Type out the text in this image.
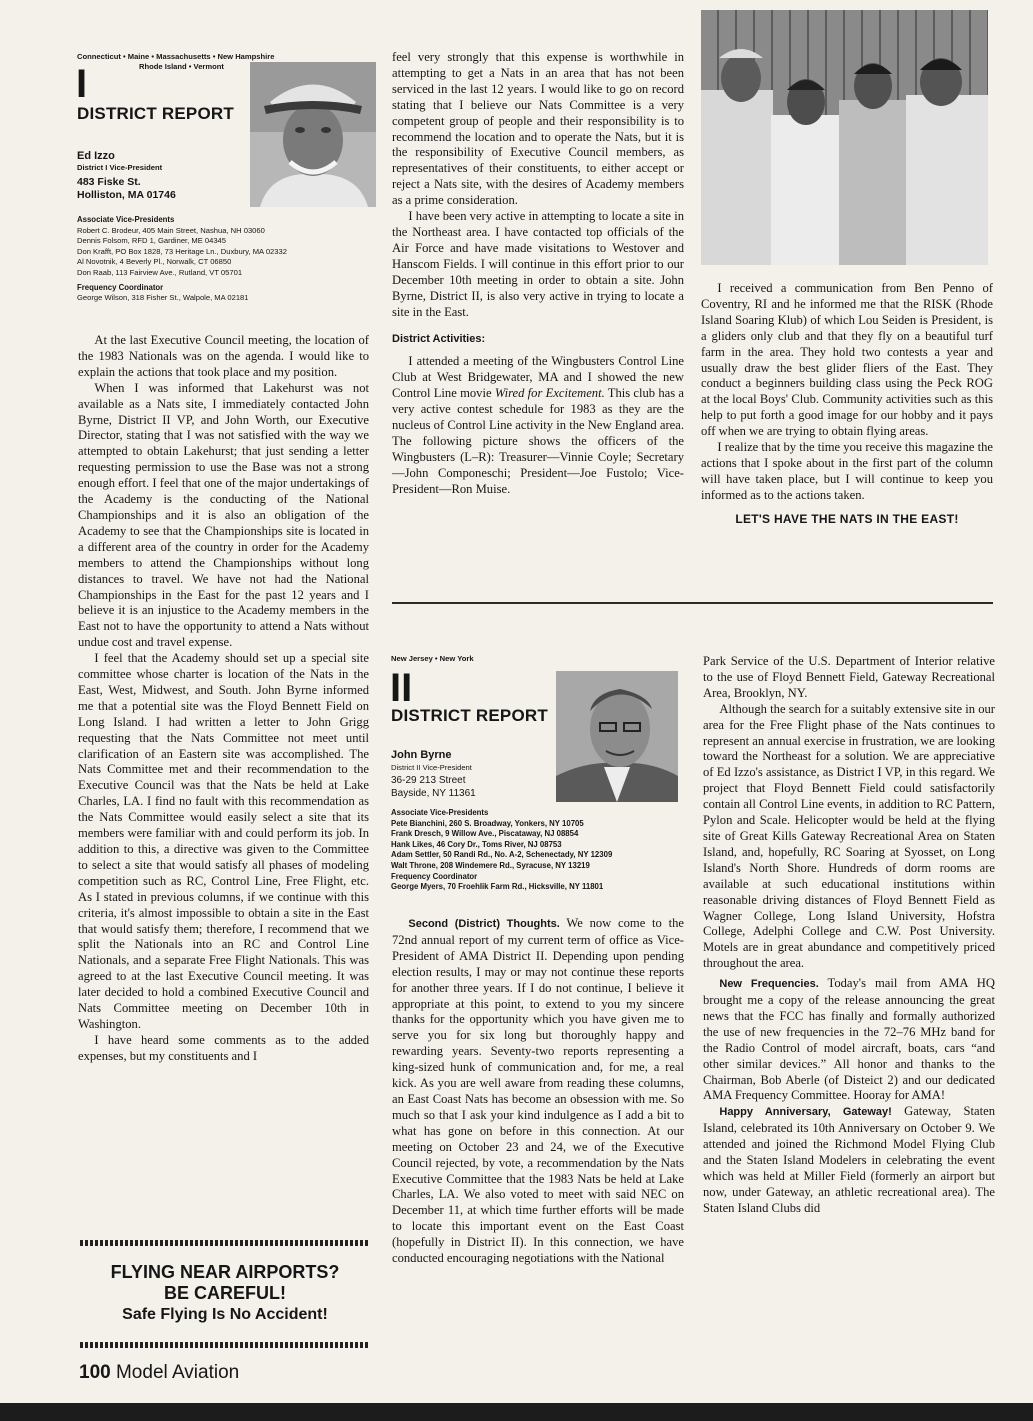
Connecticut • Maine • Massachusetts • New Hampshire
Rhode Island • Vermont
I
DISTRICT REPORT
Ed Izzo
District I Vice-President
483 Fiske St.
Holliston, MA 01746
Associate Vice-Presidents
Robert C. Brodeur, 405 Main Street, Nashua, NH 03060
Dennis Folsom, RFD 1, Gardiner, ME 04345
Don Krafft, PO Box 1828, 73 Heritage Ln., Duxbury, MA 02332
Al Novotnik, 4 Beverly Pl., Norwalk, CT 06850
Don Raab, 113 Fairview Ave., Rutland, VT 05701
Frequency Coordinator
George Wilson, 318 Fisher St., Walpole, MA 02181

At the last Executive Council meeting, the location of the 1983 Nationals was on the agenda. I would like to explain the actions that took place and my position.

When I was informed that Lakehurst was not available as a Nats site, I immediately contacted John Byrne, District II VP, and John Worth, our Executive Director, stating that I was not satisfied with the way we attempted to obtain Lakehurst; that just sending a letter requesting permission to use the Base was not a strong enough effort. I feel that one of the major undertakings of the Academy is the conducting of the National Championships and it is also an obligation of the Academy to see that the Championships site is located in a different area of the country in order for the Academy members to attend the Championships without long distances to travel. We have not had the National Championships in the East for the past 12 years and I believe it is an injustice to the Academy members in the East not to have the opportunity to attend a Nats without undue cost and travel expense.

I feel that the Academy should set up a special site committee whose charter is location of the Nats in the East, West, Midwest, and South. John Byrne informed me that a potential site was the Floyd Bennett Field on Long Island. I had written a letter to John Grigg requesting that the Nats Committee not meet until clarification of an Eastern site was accomplished. The Nats Committee met and their recommendation to the Executive Council was that the Nats be held at Lake Charles, LA. I find no fault with this recommendation as the Nats Committee would easily select a site that its members were familiar with and could perform its job. In addition to this, a directive was given to the Committee to select a site that would satisfy all phases of modeling competition such as RC, Control Line, Free Flight, etc. As I stated in previous columns, if we continue with this criteria, it's almost impossible to obtain a site in the East that would satisfy them; therefore, I recommend that we split the Nationals into an RC and Control Line Nationals, and a separate Free Flight Nationals. This was agreed to at the last Executive Council meeting. It was later decided to hold a combined Executive Council and Nats Committee meeting on December 10th in Washington.

I have heard some comments as to the added expenses, but my constituents and I

FLYING NEAR AIRPORTS?
BE CAREFUL!
Safe Flying Is No Accident!

feel very strongly that this expense is worthwhile in attempting to get a Nats in an area that has not been serviced in the last 12 years. I would like to go on record stating that I believe our Nats Committee is a very competent group of people and their responsibility is to recommend the location and to operate the Nats, but it is the responsibility of Executive Council members, as representatives of their constituents, to either accept or reject a Nats site, with the desires of Academy members as a prime consideration.

I have been very active in attempting to locate a site in the Northeast area. I have contacted top officials of the Air Force and have made visitations to Westover and Hanscom Fields. I will continue in this effort prior to our December 10th meeting in order to obtain a site. John Byrne, District II, is also very active in trying to locate a site in the East.

District Activities:

I attended a meeting of the Wingbusters Control Line Club at West Bridgewater, MA and I showed the new Control Line movie Wired for Excitement. This club has a very active contest schedule for 1983 as they are the nucleus of Control Line activity in the New England area. The following picture shows the officers of the Wingbusters (L–R): Treasurer—Vinnie Coyle; Secretary—John Componeschi; President—Joe Fustolo; Vice-President—Ron Muise.

I received a communication from Ben Penno of Coventry, RI and he informed me that the RISK (Rhode Island Soaring Klub) of which Lou Seiden is President, is a gliders only club and that they fly on a beautiful turf farm in the area. They hold two contests a year and usually draw the best glider fliers of the East. They conduct a beginners building class using the Peck ROG at the local Boys' Club. Community activities such as this help to put forth a good image for our hobby and it pays off when we are trying to obtain flying areas.

I realize that by the time you receive this magazine the actions that I spoke about in the first part of the column will have taken place, but I will continue to keep you informed as to the actions taken.

LET'S HAVE THE NATS IN THE EAST!
New Jersey • New York
II
DISTRICT REPORT
John Byrne
District II Vice-President
36-29 213 Street
Bayside, NY 11361
Associate Vice-Presidents
Pete Bianchini, 260 S. Broadway, Yonkers, NY 10705
Frank Dresch, 9 Willow Ave., Piscataway, NJ 08854
Hank Likes, 46 Cory Dr., Toms River, NJ 08753
Adam Settler, 50 Randi Rd., No. A-2, Schenectady, NY 12309
Walt Throne, 208 Windemere Rd., Syracuse, NY 13219
Frequency Coordinator
George Myers, 70 Froehlik Farm Rd., Hicksville, NY 11801

Second (District) Thoughts. We now come to the 72nd annual report of my current term of office as Vice-President of AMA District II. Depending upon pending election results, I may or may not continue these reports for another three years. If I do not continue, I believe it appropriate at this point, to extend to you my sincere thanks for the opportunity which you have given me to serve you for six long but thoroughly happy and rewarding years. Seventy-two reports representing a king-sized hunk of communication and, for me, a real kick. As you are well aware from reading these columns, an East Coast Nats has become an obsession with me. So much so that I ask your kind indulgence as I add a bit to what has gone on before in this connection. At our meeting on October 23 and 24, we of the Executive Council rejected, by vote, a recommendation by the Nats Executive Committee that the 1983 Nats be held at Lake Charles, LA. We also voted to meet with said NEC on December 11, at which time further efforts will be made to locate this important event on the East Coast (hopefully in District II). In this connection, we have conducted encouraging negotiations with the National

Park Service of the U.S. Department of Interior relative to the use of Floyd Bennett Field, Gateway Recreational Area, Brooklyn, NY.

Although the search for a suitably extensive site in our area for the Free Flight phase of the Nats continues to represent an annual exercise in frustration, we are looking toward the Northeast for a solution. We are appreciative of Ed Izzo's assistance, as District I VP, in this regard. We project that Floyd Bennett Field could satisfactorily contain all Control Line events, in addition to RC Pattern, Pylon and Scale. Helicopter would be held at the flying site of Great Kills Gateway Recreational Area on Staten Island, and, hopefully, RC Soaring at Syosset, on Long Island's North Shore. Hundreds of dorm rooms are available at such educational institutions within reasonable driving distances of Floyd Bennett Field as Wagner College, Long Island University, Hofstra College, Adelphi College and C.W. Post University. Motels are in great abundance and competitively priced throughout the area.

New Frequencies. Today's mail from AMA HQ brought me a copy of the release announcing the great news that the FCC has finally and formally authorized the use of new frequencies in the 72–76 MHz band for the Radio Control of model aircraft, boats, cars “and other similar devices.” All honor and thanks to the Chairman, Bob Aberle (of Disteict 2) and our dedicated AMA Frequency Committee. Hooray for AMA!

Happy Anniversary, Gateway! Gateway, Staten Island, celebrated its 10th Anniversary on October 9. We attended and joined the Richmond Model Flying Club and the Staten Island Modelers in celebrating the event which was held at Miller Field (formerly an airport but now, under Gateway, an athletic recreational area). The Staten Island Clubs did

100 Model Aviation
